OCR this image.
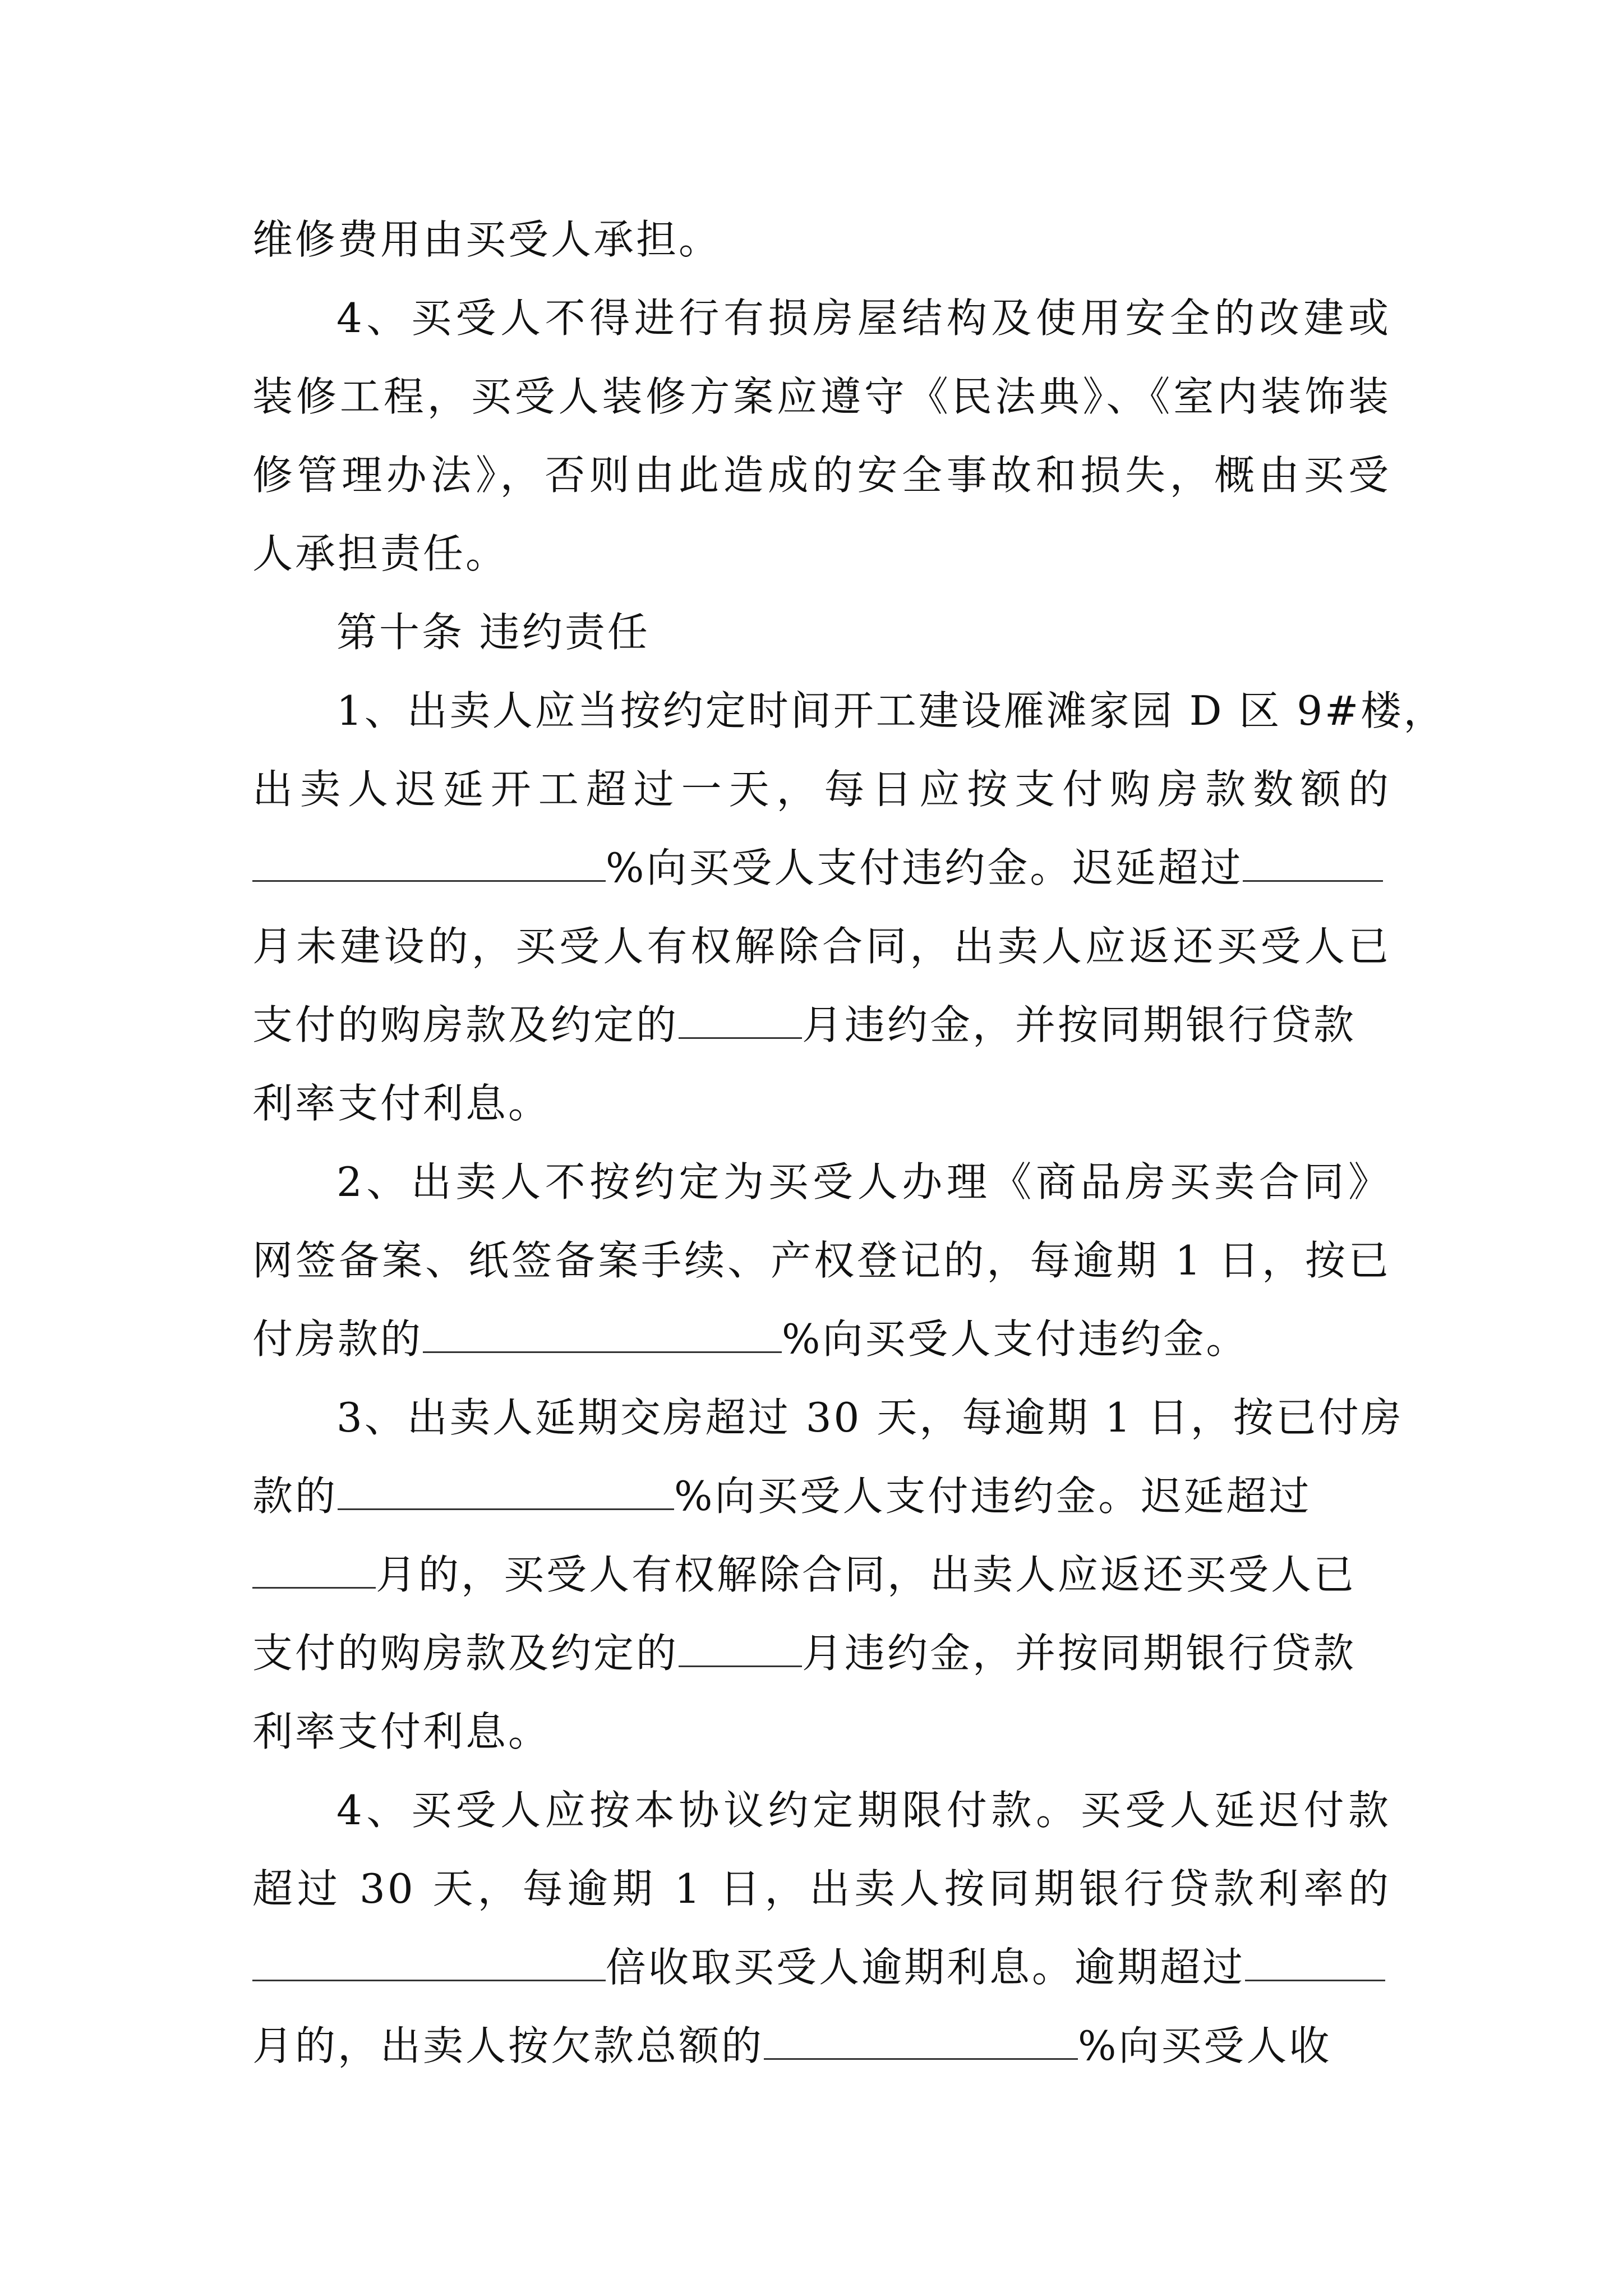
维修费用由买受人承担。
4、买受人不得进行有损房屋结构及使用安全的改建或
装修工程，买受人装修方案应遵守《民法典》、《室内装饰装
修管理办法》，否则由此造成的安全事故和损失，概由买受
人承担责任。
第十条 违约责任
1、出卖人应当按约定时间开工建设雁滩家园 D 区 9#楼，
出卖人迟延开工超过一天，每日应按支付购房款数额的
%向买受人支付违约金。迟延超过
月未建设的，买受人有权解除合同，出卖人应返还买受人已
支付的购房款及约定的	月违约金，并按同期银行贷款
利率支付利息。
2、出卖人不按约定为买受人办理《商品房买卖合同》
网签备案、纸签备案手续、产权登记的，每逾期 1 日，按已
付房款的	%向买受人支付违约金。
3、出卖人延期交房超过 30 天，每逾期 1 日，按已付房
款的	%向买受人支付违约金。迟延超过
月的，买受人有权解除合同，出卖人应返还买受人已
支付的购房款及约定的	月违约金，并按同期银行贷款
利率支付利息。
4、买受人应按本协议约定期限付款。买受人延迟付款
超过 30 天，每逾期 1 日，出卖人按同期银行贷款利率的
倍收取买受人逾期利息。逾期超过
月的，出卖人按欠款总额的	%向买受人收
